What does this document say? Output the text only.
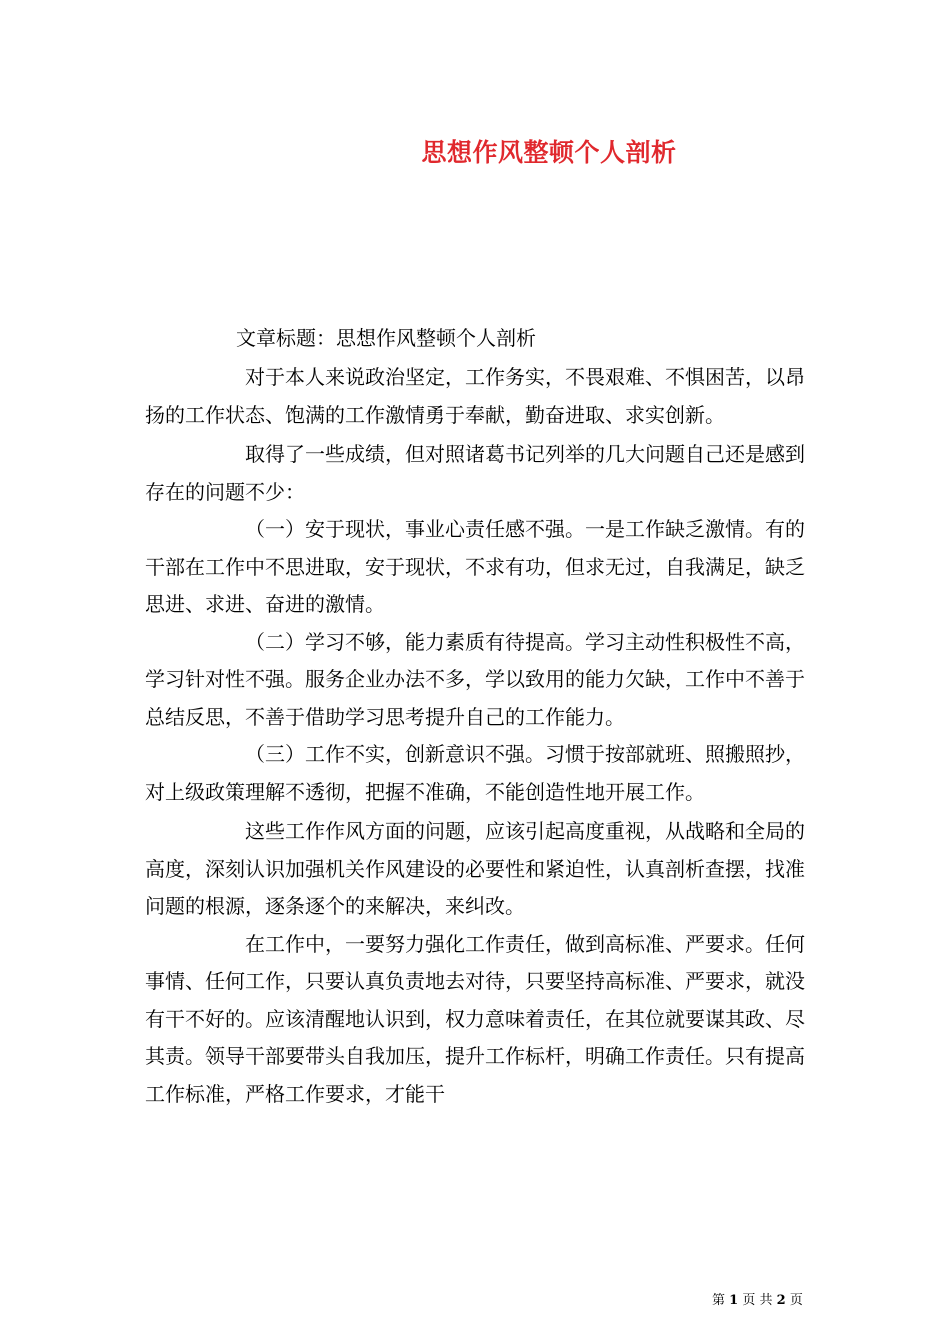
思想作风整顿个人剖析
文章标题：思想作风整顿个人剖析

对于本人来说政治坚定，工作务实，不畏艰难、不惧困苦，以昂扬的工作状态、饱满的工作激情勇于奉献，勤奋进取、求实创新。

取得了一些成绩，但对照诸葛书记列举的几大问题自己还是感到存在的问题不少：

（一）安于现状，事业心责任感不强。一是工作缺乏激情。有的干部在工作中不思进取，安于现状，不求有功，但求无过，自我满足，缺乏思进、求进、奋进的激情。

（二）学习不够，能力素质有待提高。学习主动性积极性不高，学习针对性不强。服务企业办法不多，学以致用的能力欠缺，工作中不善于总结反思，不善于借助学习思考提升自己的工作能力。

（三）工作不实，创新意识不强。习惯于按部就班、照搬照抄，对上级政策理解不透彻，把握不准确，不能创造性地开展工作。

这些工作作风方面的问题，应该引起高度重视，从战略和全局的高度，深刻认识加强机关作风建设的必要性和紧迫性，认真剖析查摆，找准问题的根源，逐条逐个的来解决，来纠改。

在工作中，一要努力强化工作责任，做到高标准、严要求。任何事情、任何工作，只要认真负责地去对待，只要坚持高标准、严要求，就没有干不好的。应该清醒地认识到，权力意味着责任，在其位就要谋其政、尽其责。领导干部要带头自我加压，提升工作标杆，明确工作责任。只有提高工作标准，严格工作要求，才能干

第 1 页 共 2 页
